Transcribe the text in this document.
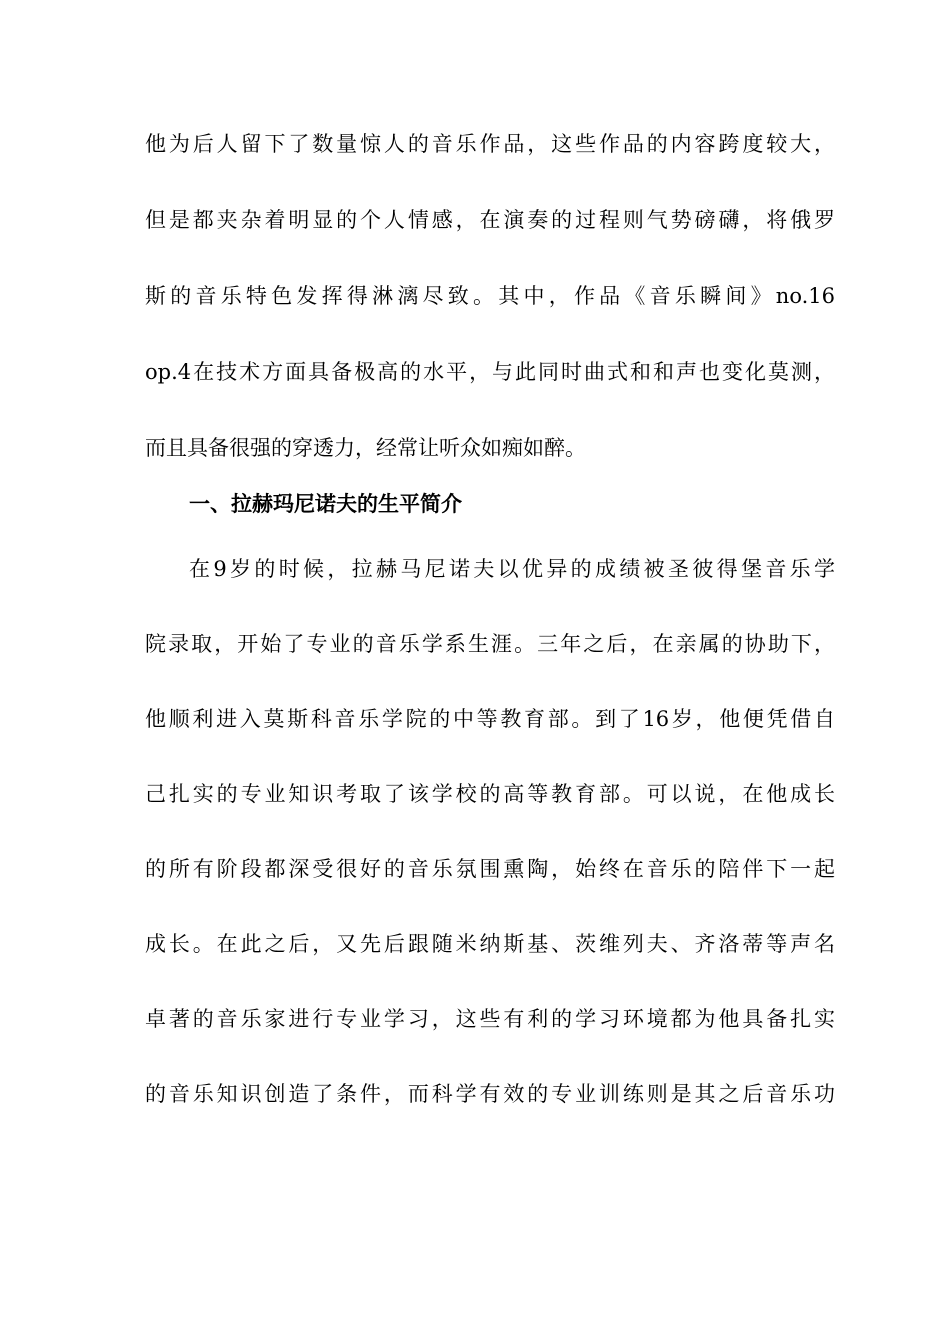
他为后人留下了数量惊人的音乐作品，这些作品的内容跨度较大，
但是都夹杂着明显的个人情感，在演奏的过程则气势磅礴，将俄罗
斯的音乐特色发挥得淋漓尽致。其中，作品《音乐瞬间》no.16
op.4在技术方面具备极高的水平，与此同时曲式和和声也变化莫测，
而且具备很强的穿透力，经常让听众如痴如醉。
一、拉赫玛尼诺夫的生平简介
在9岁的时候，拉赫马尼诺夫以优异的成绩被圣彼得堡音乐学
院录取，开始了专业的音乐学系生涯。三年之后，在亲属的协助下，
他顺利进入莫斯科音乐学院的中等教育部。到了16岁，他便凭借自
己扎实的专业知识考取了该学校的高等教育部。可以说，在他成长
的所有阶段都深受很好的音乐氛围熏陶，始终在音乐的陪伴下一起
成长。在此之后，又先后跟随米纳斯基、茨维列夫、齐洛蒂等声名
卓著的音乐家进行专业学习，这些有利的学习环境都为他具备扎实
的音乐知识创造了条件，而科学有效的专业训练则是其之后音乐功
